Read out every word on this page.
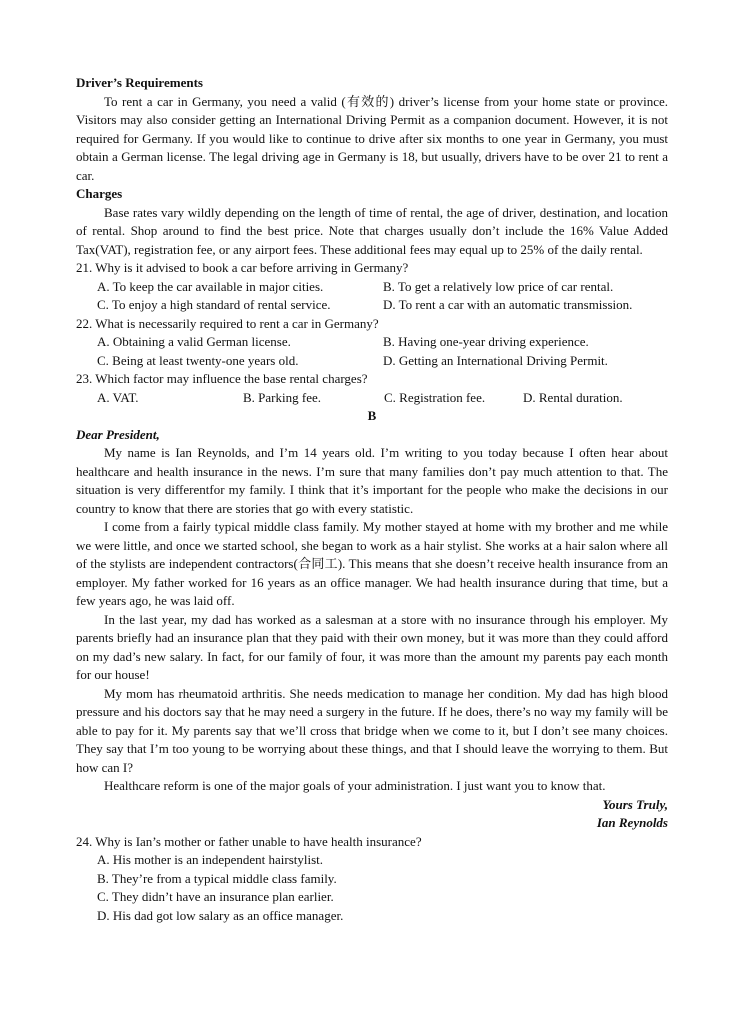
Driver’s Requirements

To rent a car in Germany, you need a valid (有效的) driver’s license from your home state or province. Visitors may also consider getting an International Driving Permit as a companion document. However, it is not required for Germany. If you would like to continue to drive after six months to one year in Germany, you must obtain a German license. The legal driving age in Germany is 18, but usually, drivers have to be over 21 to rent a car.

Charges

Base rates vary wildly depending on the length of time of rental, the age of driver, destination, and location of rental. Shop around to find the best price. Note that charges usually don’t include the 16% Value Added Tax(VAT), registration fee, or any airport fees. These additional fees may equal up to 25% of the daily rental.

21. Why is it advised to book a car before arriving in Germany?
A. To keep the car available in major cities.	B. To get a relatively low price of car rental.
C. To enjoy a high standard of rental service.	D. To rent a car with an automatic transmission.
22. What is necessarily required to rent a car in Germany?
A. Obtaining a valid German license.	B. Having one-year driving experience.
C. Being at least twenty-one years old.	D. Getting an International Driving Permit.
23. Which factor may influence the base rental charges?
A. VAT.	B. Parking fee.	C. Registration fee.	D. Rental duration.
B
Dear President,

My name is Ian Reynolds, and I’m 14 years old. I’m writing to you today because I often hear about healthcare and health insurance in the news. I’m sure that many families don’t pay much attention to that. The situation is very differentfor my family. I think that it’s important for the people who make the decisions in our country to know that there are stories that go with every statistic.

I come from a fairly typical middle class family. My mother stayed at home with my brother and me while we were little, and once we started school, she began to work as a hair stylist. She works at a hair salon where all of the stylists are independent contractors(合同工). This means that she doesn’t receive health insurance from an employer. My father worked for 16 years as an office manager. We had health insurance during that time, but a few years ago, he was laid off.

In the last year, my dad has worked as a salesman at a store with no insurance through his employer. My parents briefly had an insurance plan that they paid with their own money, but it was more than they could afford on my dad’s new salary. In fact, for our family of four, it was more than the amount my parents pay each month for our house!

My mom has rheumatoid arthritis. She needs medication to manage her condition. My dad has high blood pressure and his doctors say that he may need a surgery in the future. If he does, there’s no way my family will be able to pay for it. My parents say that we’ll cross that bridge when we come to it, but I don’t see many choices. They say that I’m too young to be worrying about these things, and that I should leave the worrying to them. But how can I?

Healthcare reform is one of the major goals of your administration. I just want you to know that.

Yours Truly,
Ian Reynolds
24. Why is Ian’s mother or father unable to have health insurance?
A. His mother is an independent hairstylist.
B. They’re from a typical middle class family.
C. They didn’t have an insurance plan earlier.
D. His dad got low salary as an office manager.
